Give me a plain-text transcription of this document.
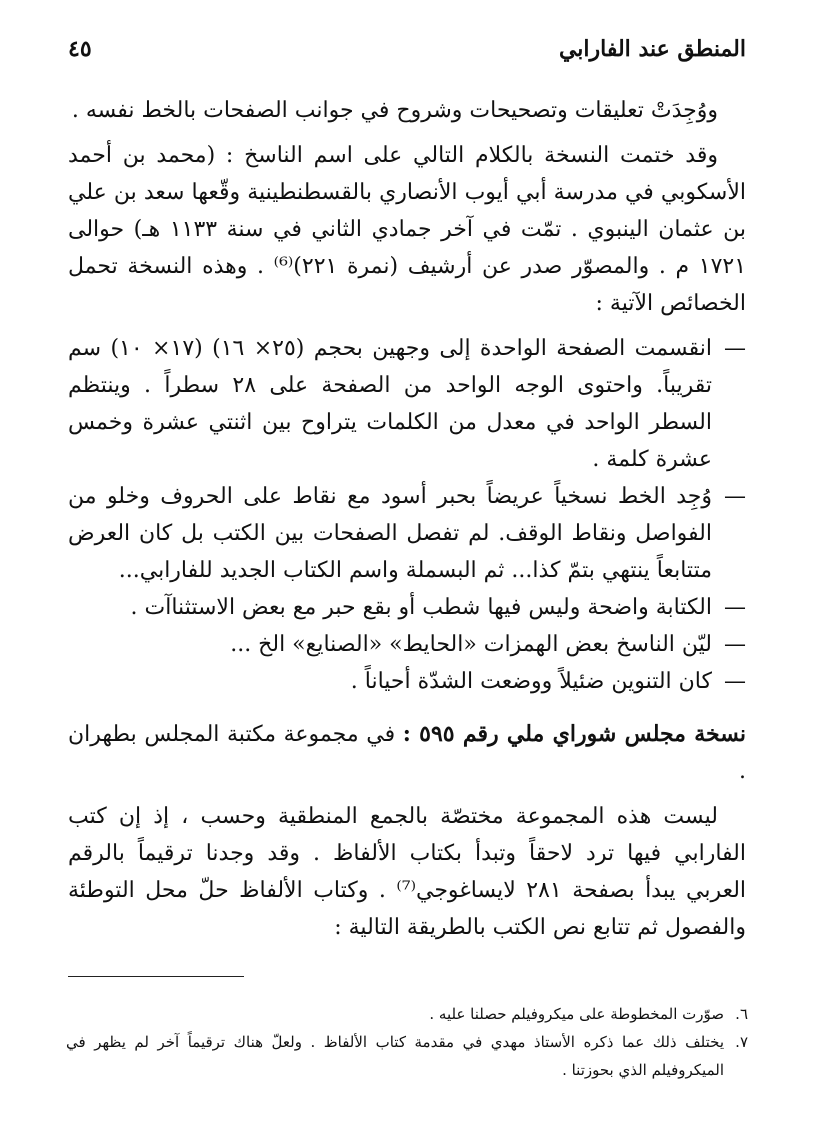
المنطق عند الفارابي
٤٥

ووُجِدَتْ تعليقات وتصحيحات وشروح في جوانب الصفحات بالخط نفسه .

وقد ختمت النسخة بالكلام التالي على اسم الناسخ : (محمد بن أحمد الأسكوبي في مدرسة أبي أيوب الأنصاري بالقسطنطينية وقّعها سعد بن علي بن عثمان الينبوي . تمّت في آخر جمادي الثاني في سنة ١١٣٣ هـ) حوالى ١٧٢١ م . والمصوّر صدر عن أرشيف (نمرة ٢٢١)⁽⁶⁾ . وهذه النسخة تحمل الخصائص الآتية :

—
انقسمت الصفحة الواحدة إلى وجهين بحجم (٢٥× ١٦) (١٧× ١٠) سم تقريباً. واحتوى الوجه الواحد من الصفحة على ٢٨ سطراً . وينتظم السطر الواحد في معدل من الكلمات يتراوح بين اثنتي عشرة وخمس عشرة كلمة .
—
وُجِد الخط نسخياً عريضاً بحبر أسود مع نقاط على الحروف وخلو من الفواصل ونقاط الوقف. لم تفصل الصفحات بين الكتب بل كان العرض متتابعاً ينتهي بتمّ كذا... ثم البسملة واسم الكتاب الجديد للفارابي...
—
الكتابة واضحة وليس فيها شطب أو بقع حبر مع بعض الاستثناآت .
—
ليّن الناسخ بعض الهمزات «الحايط» «الصنايع» الخ ...
—
كان التنوين ضئيلاً ووضعت الشدّة أحياناً .

نسخة مجلس شوراي ملي رقم ٥٩٥ : في مجموعة مكتبة المجلس بطهران .

ليست هذه المجموعة مختصّة بالجمع المنطقية وحسب ، إذ إن كتب الفارابي فيها ترد لاحقاً وتبدأ بكتاب الألفاظ . وقد وجدنا ترقيماً بالرقم العربي يبدأ بصفحة ٢٨١ لايساغوجي⁽⁷⁾ . وكتاب الألفاظ حلّ محل التوطئة والفصول ثم تتابع نص الكتب بالطريقة التالية :

٦.
صوّرت المخطوطة على ميكروفيلم حصلنا عليه .
٧.
يختلف ذلك عما ذكره الأستاذ مهدي في مقدمة كتاب الألفاظ . ولعلّ هناك ترقيماً آخر لم يظهر في الميكروفيلم الذي بحوزتنا .
